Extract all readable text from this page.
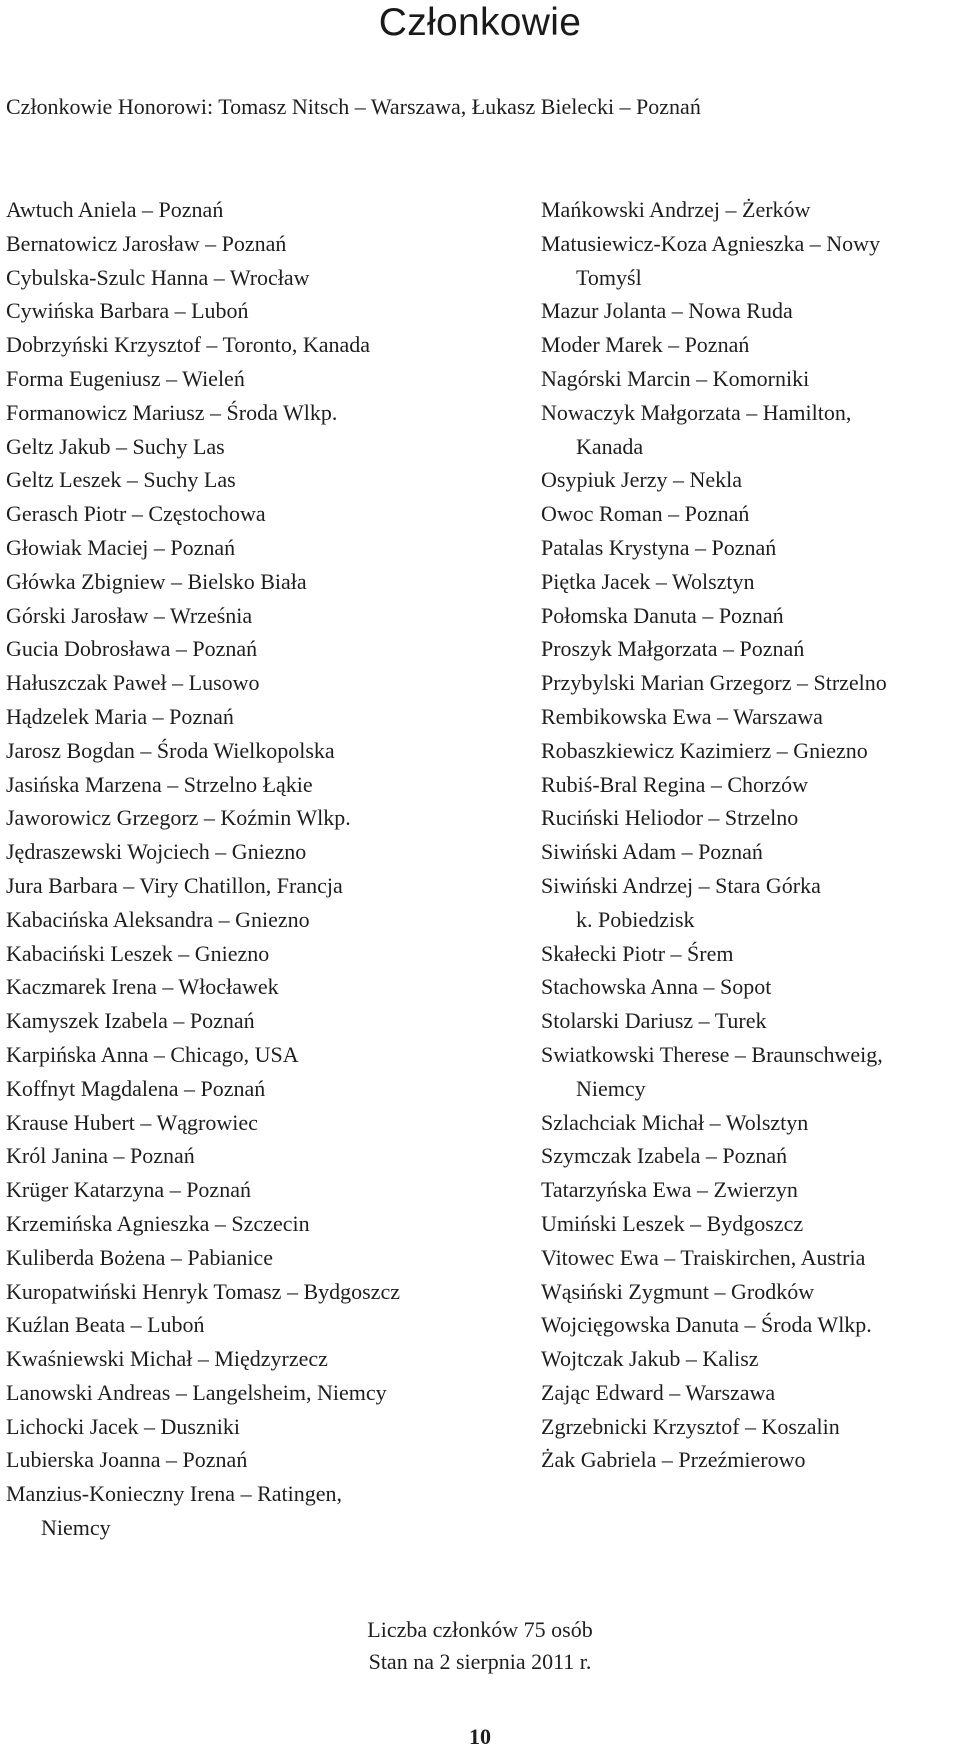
Członkowie
Członkowie Honorowi: Tomasz Nitsch – Warszawa, Łukasz Bielecki – Poznań
Awtuch Aniela – Poznań
Bernatowicz Jarosław – Poznań
Cybulska-Szulc Hanna – Wrocław
Cywińska Barbara – Luboń
Dobrzyński Krzysztof – Toronto, Kanada
Forma Eugeniusz – Wieleń
Formanowicz Mariusz – Środa Wlkp.
Geltz Jakub – Suchy Las
Geltz Leszek – Suchy Las
Gerasch Piotr – Częstochowa
Głowiak Maciej – Poznań
Główka Zbigniew – Bielsko Biała
Górski Jarosław – Września
Gucia Dobrosława – Poznań
Hałuszczak Paweł – Lusowo
Hądzelek Maria – Poznań
Jarosz Bogdan – Środa Wielkopolska
Jasińska Marzena – Strzelno Łąkie
Jaworowicz Grzegorz – Koźmin Wlkp.
Jędraszewski Wojciech – Gniezno
Jura Barbara – Viry Chatillon, Francja
Kabacińska Aleksandra – Gniezno
Kabaciński Leszek – Gniezno
Kaczmarek Irena – Włocławek
Kamyszek Izabela – Poznań
Karpińska Anna – Chicago, USA
Koffnyt Magdalena – Poznań
Krause Hubert – Wągrowiec
Król Janina – Poznań
Krüger Katarzyna – Poznań
Krzemińska Agnieszka – Szczecin
Kuliberda Bożena – Pabianice
Kuropatwiński Henryk Tomasz – Bydgoszcz
Kuźlan Beata – Luboń
Kwaśniewski Michał – Międzyrzecz
Lanowski Andreas – Langelsheim, Niemcy
Lichocki Jacek – Duszniki
Lubierska Joanna – Poznań
Manzius-Konieczny Irena – Ratingen,
Niemcy
Mańkowski Andrzej – Żerków
Matusiewicz-Koza Agnieszka – Nowy
Tomyśl
Mazur Jolanta – Nowa Ruda
Moder Marek – Poznań
Nagórski Marcin – Komorniki
Nowaczyk Małgorzata – Hamilton,
Kanada
Osypiuk Jerzy – Nekla
Owoc Roman – Poznań
Patalas Krystyna – Poznań
Piętka Jacek – Wolsztyn
Połomska Danuta – Poznań
Proszyk Małgorzata – Poznań
Przybylski Marian Grzegorz – Strzelno
Rembikowska Ewa – Warszawa
Robaszkiewicz Kazimierz – Gniezno
Rubiś-Bral Regina – Chorzów
Ruciński Heliodor – Strzelno
Siwiński Adam – Poznań
Siwiński Andrzej – Stara Górka
k. Pobiedzisk
Skałecki Piotr – Śrem
Stachowska Anna – Sopot
Stolarski Dariusz – Turek
Swiatkowski Therese – Braunschweig,
Niemcy
Szlachciak Michał – Wolsztyn
Szymczak Izabela – Poznań
Tatarzyńska Ewa – Zwierzyn
Umiński Leszek – Bydgoszcz
Vitowec Ewa – Traiskirchen, Austria
Wąsiński Zygmunt – Grodków
Wojcięgowska Danuta – Środa Wlkp.
Wojtczak Jakub – Kalisz
Zając Edward – Warszawa
Zgrzebnicki Krzysztof – Koszalin
Żak Gabriela – Przeźmierowo
Liczba członków 75 osób
Stan na 2 sierpnia 2011 r.
10
